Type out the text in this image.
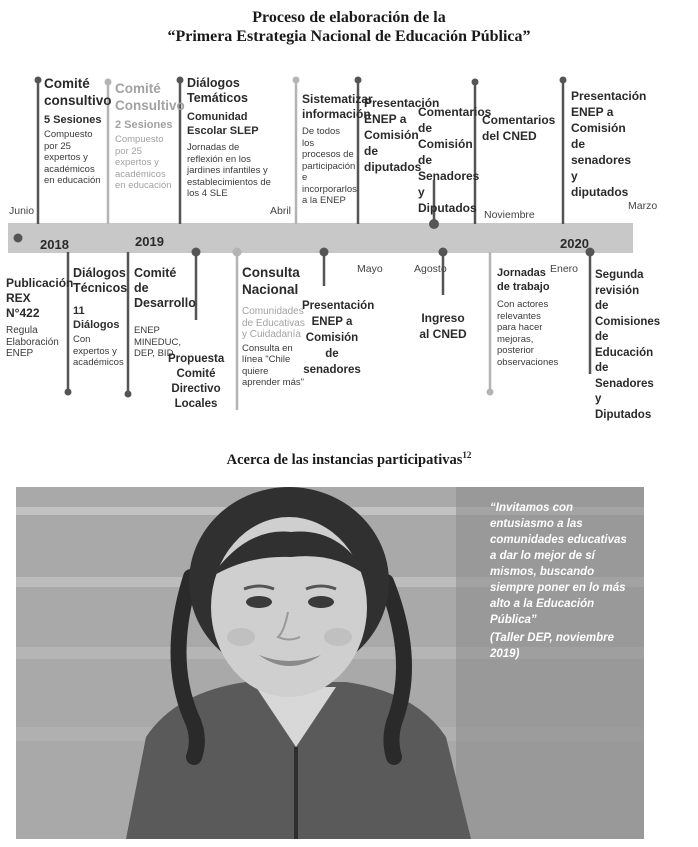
Proceso de elaboración de la
“Primera Estrategia Nacional de Educación Pública”
Junio	Abril
Mayo	Agosto
Noviembre
Enero
Marzo
2018	2019	2020
Comité consultivo
5 Sesiones
Compuesto por 25 expertos y académicos en educación
Comité Consultivo
2 Sesiones
Compuesto por 25 expertos y académicos en educación
Diálogos Temáticos
Comunidad Escolar SLEP
Jornadas de reflexión en los jardines infantiles y establecimientos de los 4 SLE
Sistematizar información
De todos los procesos de participación e incorporarlos a la ENEP
Presentación ENEP a Comisión de diputados
Comentarios de Comisión de Senadores y Diputados
Comentarios del CNED
Presentación ENEP a Comisión de senadores y diputados
Publicación REX N°422
Regula Elaboración ENEP
Diálogos Técnicos
11 Diálogos
Con expertos y académicos
Comité de Desarrollo
ENEP MINEDUC, DEP, BID
Propuesta Comité Directivo Locales
Consulta Nacional
Comunidades de Educativas y Cuidadanía
Consulta en línea "Chile quiere aprender más"
Presentación ENEP a Comisión de senadores
Ingreso al CNED
Jornadas de trabajo
Con actores relevantes para hacer mejoras, posterior observaciones
Segunda revisión de Comisiones de Educación de Senadores y Diputados
Acerca de las instancias participativas$^{12}$
“Invitamos con entusiasmo a las comunidades educativas a dar lo mejor de sí mismos, buscando siempre poner en lo más alto a la Educación Pública”
(Taller DEP, noviembre 2019)
